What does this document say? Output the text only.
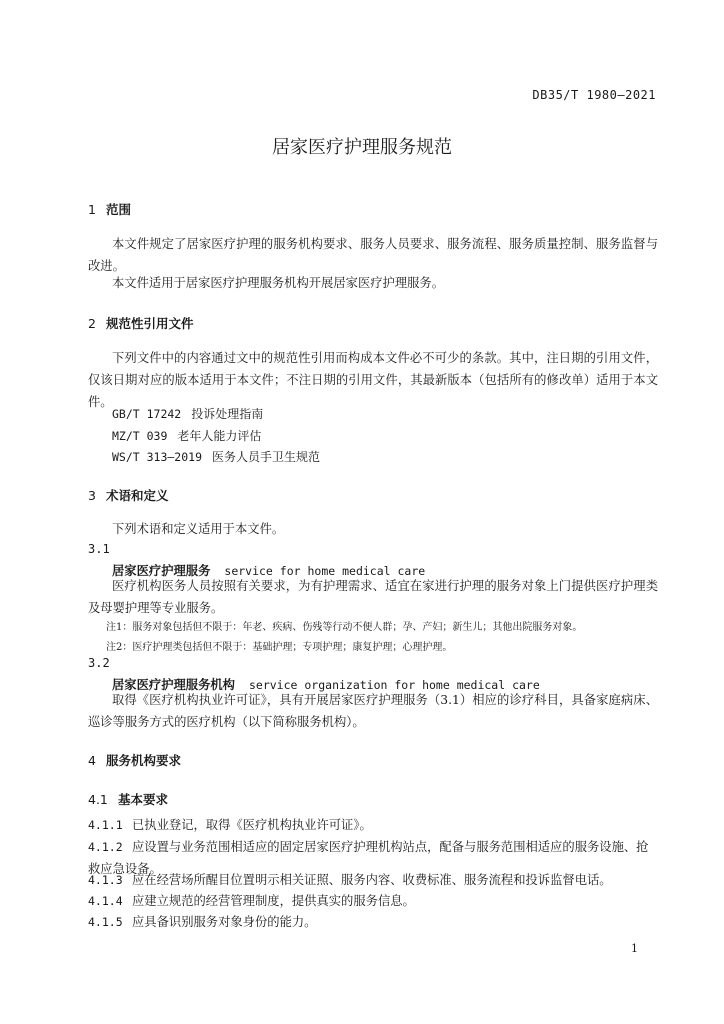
DB35/T 1980—2021
居家医疗护理服务规范
1 范围

本文件规定了居家医疗护理的服务机构要求、服务人员要求、服务流程、服务质量控制、服务监督与改进。

本文件适用于居家医疗护理服务机构开展居家医疗护理服务。

2 规范性引用文件

下列文件中的内容通过文中的规范性引用而构成本文件必不可少的条款。其中，注日期的引用文件，仅该日期对应的版本适用于本文件；不注日期的引用文件，其最新版本（包括所有的修改单）适用于本文件。

GB/T 17242 投诉处理指南
MZ/T 039 老年人能力评估
WS/T 313—2019 医务人员手卫生规范
3 术语和定义

下列术语和定义适用于本文件。

3.1
居家医疗护理服务 service for home medical care

医疗机构医务人员按照有关要求，为有护理需求、适宜在家进行护理的服务对象上门提供医疗护理类及母婴护理等专业服务。

注1：服务对象包括但不限于：年老、疾病、伤残等行动不便人群；孕、产妇；新生儿；其他出院服务对象。
注2：医疗护理类包括但不限于：基础护理；专项护理；康复护理；心理护理。
3.2
居家医疗护理服务机构 service organization for home medical care

取得《医疗机构执业许可证》，具有开展居家医疗护理服务（3.1）相应的诊疗科目，具备家庭病床、巡诊等服务方式的医疗机构（以下简称服务机构）。

4 服务机构要求
4.1 基本要求
4.1.1 已执业登记，取得《医疗机构执业许可证》。
4.1.2 应设置与业务范围相适应的固定居家医疗护理机构站点，配备与服务范围相适应的服务设施、抢救应急设备。
4.1.3 应在经营场所醒目位置明示相关证照、服务内容、收费标准、服务流程和投诉监督电话。
4.1.4 应建立规范的经营管理制度，提供真实的服务信息。
4.1.5 应具备识别服务对象身份的能力。
1
